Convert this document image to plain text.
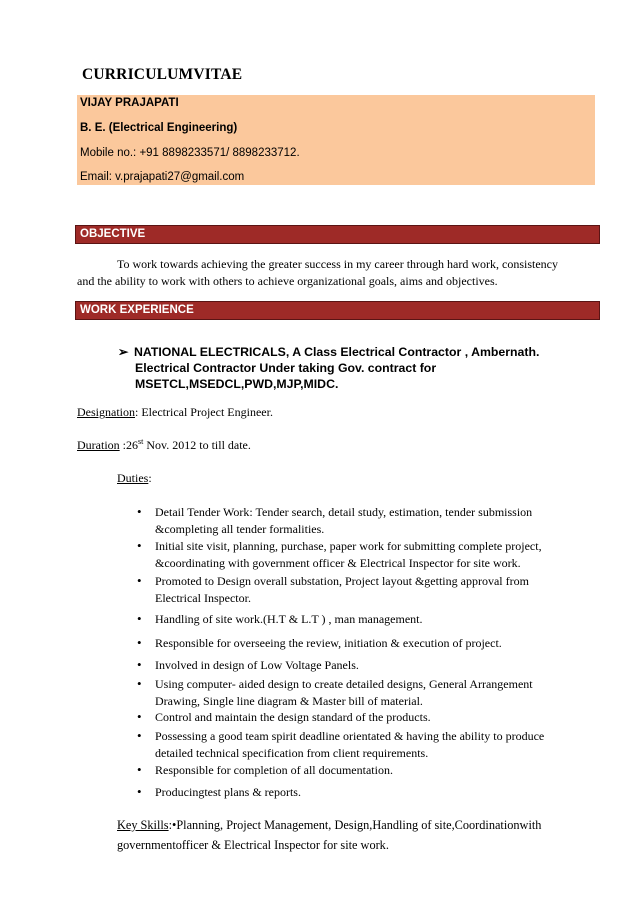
CURRICULUMVITAE
VIJAY PRAJAPATI
B. E. (Electrical Engineering)
Mobile no.: +91 8898233571/ 8898233712.
Email: v.prajapati27@gmail.com
OBJECTIVE
To work towards achieving the greater success in my career through hard work, consistency
and the ability to work with others to achieve organizational goals, aims and objectives.
WORK EXPERIENCE
➢ NATIONAL ELECTRICALS, A Class Electrical Contractor , Ambernath.
Electrical Contractor Under taking Gov. contract for
MSETCL,MSEDCL,PWD,MJP,MIDC.
Designation: Electrical Project Engineer.
Duration :26st Nov. 2012 to till date.
Duties:
•	Detail Tender Work: Tender search, detail study, estimation, tender submission
&completing all tender formalities.
•	Initial site visit, planning, purchase, paper work for submitting complete project,
&coordinating with government officer & Electrical Inspector for site work.
•	Promoted to Design overall substation, Project layout &getting approval from
Electrical Inspector.
•	Handling of site work.(H.T & L.T ) , man management.
•	Responsible for overseeing the review, initiation & execution of project.
•	Involved in design of Low Voltage Panels.
•	Using computer- aided design to create detailed designs, General Arrangement
Drawing, Single line diagram & Master bill of material.
•	Control and maintain the design standard of the products.
•	Possessing a good team spirit deadline orientated & having the ability to produce
detailed technical specification from client requirements.
•	Responsible for completion of all documentation.
•	Producingtest plans & reports.
Key Skills:•Planning, Project Management, Design,Handling of site,Coordinationwith
governmentofficer & Electrical Inspector for site work.
